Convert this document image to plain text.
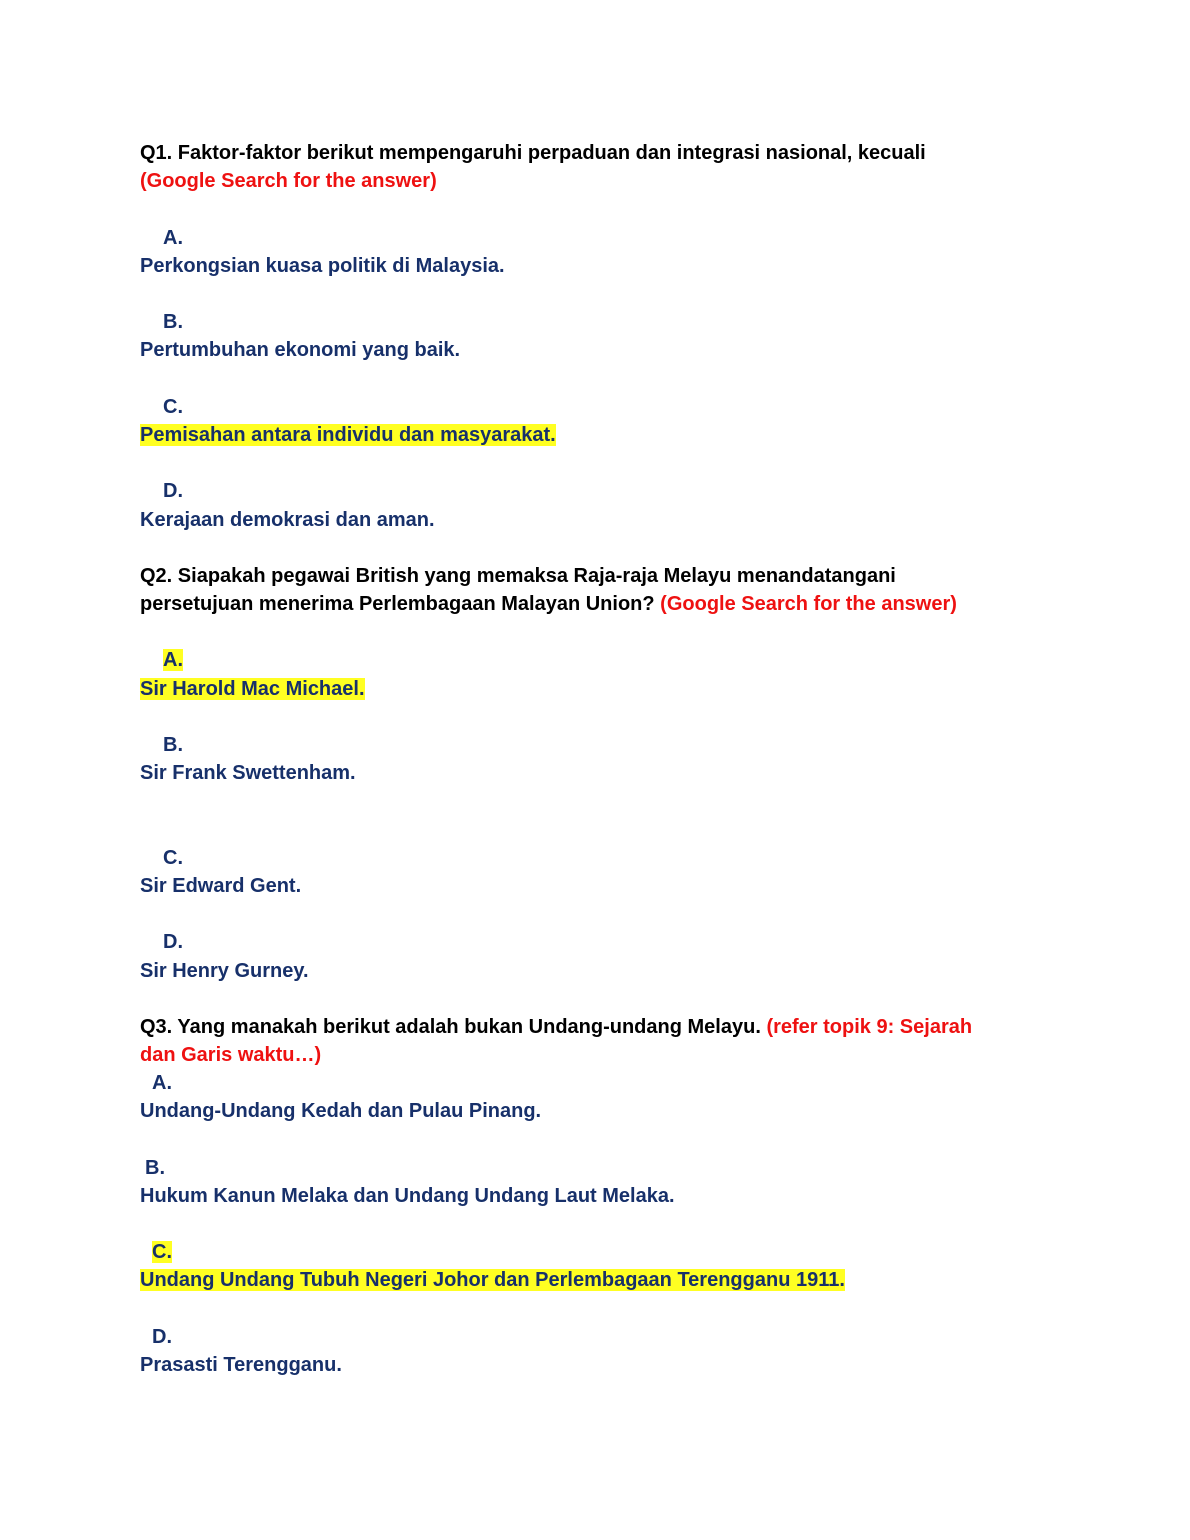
Q1. Faktor-faktor berikut mempengaruhi perpaduan dan integrasi nasional, kecuali
(Google Search for the answer)
A.
Perkongsian kuasa politik di Malaysia.
B.
Pertumbuhan ekonomi yang baik.
C.
Pemisahan antara individu dan masyarakat.
D.
Kerajaan demokrasi dan aman.
Q2. Siapakah pegawai British yang memaksa Raja-raja Melayu menandatangani
persetujuan menerima Perlembagaan Malayan Union? (Google Search for the answer)
A.
Sir Harold Mac Michael.
B.
Sir Frank Swettenham.
C.
Sir Edward Gent.
D.
Sir Henry Gurney.
Q3. Yang manakah berikut adalah bukan Undang-undang Melayu. (refer topik 9: Sejarah
dan Garis waktu…)
A.
Undang-Undang Kedah dan Pulau Pinang.
B.
Hukum Kanun Melaka dan Undang Undang Laut Melaka.
C.
Undang Undang Tubuh Negeri Johor dan Perlembagaan Terengganu 1911.
D.
Prasasti Terengganu.
